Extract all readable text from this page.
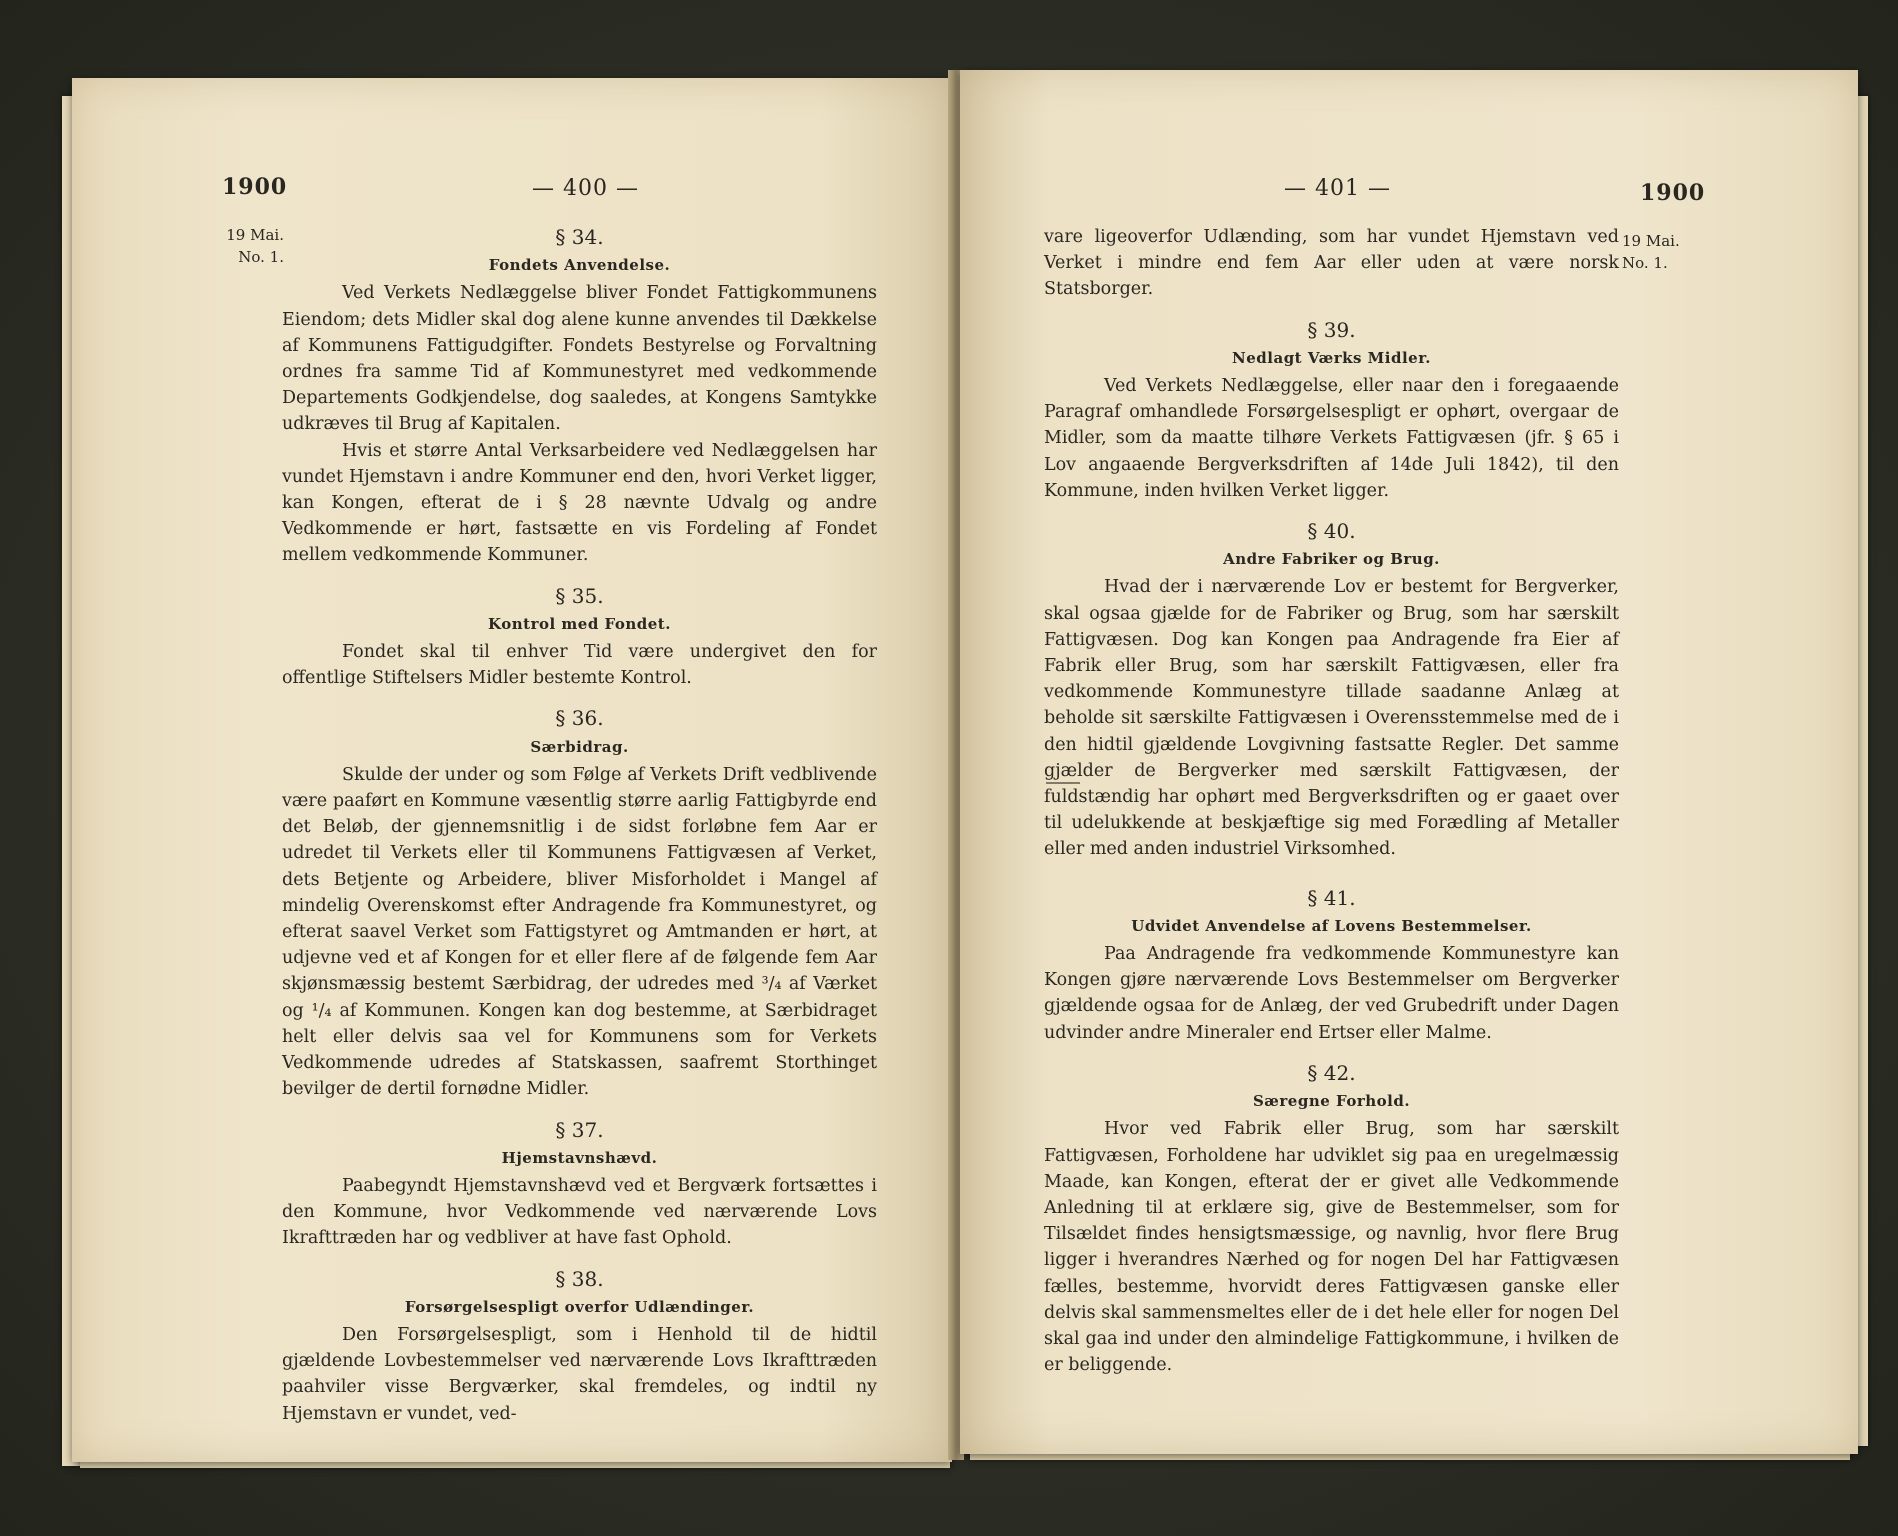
1900	— 400 —
19 Mai.
No. 1.
§ 34.
Fondets Anvendelse.

Ved Verkets Nedlæggelse bliver Fondet Fattigkommunens Eiendom; dets Midler skal dog alene kunne anvendes til Dækkelse af Kommunens Fattigudgifter. Fondets Bestyrelse og Forvaltning ordnes fra samme Tid af Kommunestyret med vedkommende Departements Godkjendelse, dog saaledes, at Kongens Samtykke udkræves til Brug af Kapitalen.

Hvis et større Antal Verksarbeidere ved Nedlæggelsen har vundet Hjemstavn i andre Kommuner end den, hvori Verket ligger, kan Kongen, efterat de i § 28 nævnte Udvalg og andre Vedkommende er hørt, fastsætte en vis Fordeling af Fondet mellem vedkommende Kommuner.

§ 35.
Kontrol med Fondet.

Fondet skal til enhver Tid være undergivet den for offentlige Stiftelsers Midler bestemte Kontrol.

§ 36.
Særbidrag.

Skulde der under og som Følge af Verkets Drift vedblivende være paaført en Kommune væsentlig større aarlig Fattigbyrde end det Beløb, der gjennemsnitlig i de sidst forløbne fem Aar er udredet til Verkets eller til Kommunens Fattigvæsen af Verket, dets Betjente og Arbeidere, bliver Misforholdet i Mangel af mindelig Overenskomst efter Andragende fra Kommunestyret, og efterat saavel Verket som Fattigstyret og Amtmanden er hørt, at udjevne ved et af Kongen for et eller flere af de følgende fem Aar skjønsmæssig bestemt Særbidrag, der udredes med ³/₄ af Værket og ¹/₄ af Kommunen. Kongen kan dog bestemme, at Særbidraget helt eller delvis saa vel for Kommunens som for Verkets Vedkommende udredes af Statskassen, saafremt Storthinget bevilger de dertil fornødne Midler.

§ 37.
Hjemstavnshævd.

Paabegyndt Hjemstavnshævd ved et Bergværk fortsættes i den Kommune, hvor Vedkommende ved nærværende Lovs Ikrafttræden har og vedbliver at have fast Ophold.

§ 38.
Forsørgelsespligt overfor Udlændinger.

Den Forsørgelsespligt, som i Henhold til de hidtil gjældende Lovbestemmelser ved nærværende Lovs Ikrafttræden paahviler visse Bergværker, skal fremdeles, og indtil ny Hjemstavn er vundet, ved-

— 401 —	1900
19 Mai.
No. 1.

vare ligeoverfor Udlænding, som har vundet Hjemstavn ved Verket i mindre end fem Aar eller uden at være norsk Statsborger.

§ 39.
Nedlagt Værks Midler.

Ved Verkets Nedlæggelse, eller naar den i foregaaende Paragraf omhandlede Forsørgelsespligt er ophørt, overgaar de Midler, som da maatte tilhøre Verkets Fattigvæsen (jfr. § 65 i Lov angaaende Bergverksdriften af 14de Juli 1842), til den Kommune, inden hvilken Verket ligger.

§ 40.
Andre Fabriker og Brug.

Hvad der i nærværende Lov er bestemt for Bergverker, skal ogsaa gjælde for de Fabriker og Brug, som har særskilt Fattigvæsen. Dog kan Kongen paa Andragende fra Eier af Fabrik eller Brug, som har særskilt Fattigvæsen, eller fra vedkommende Kommunestyre tillade saadanne Anlæg at beholde sit særskilte Fattigvæsen i Overensstemmelse med de i den hidtil gjældende Lovgivning fastsatte Regler. Det samme gjælder de Bergverker med særskilt Fattigvæsen, der fuldstændig har ophørt med Bergverksdriften og er gaaet over til udelukkende at beskjæftige sig med Forædling af Metaller eller med anden industriel Virksomhed.

§ 41.
Udvidet Anvendelse af Lovens Bestemmelser.

Paa Andragende fra vedkommende Kommunestyre kan Kongen gjøre nærværende Lovs Bestemmelser om Bergverker gjældende ogsaa for de Anlæg, der ved Grubedrift under Dagen udvinder andre Mineraler end Ertser eller Malme.

§ 42.
Særegne Forhold.

Hvor ved Fabrik eller Brug, som har særskilt Fattigvæsen, Forholdene har udviklet sig paa en uregelmæssig Maade, kan Kongen, efterat der er givet alle Vedkommende Anledning til at erklære sig, give de Bestemmelser, som for Tilsældet findes hensigtsmæssige, og navnlig, hvor flere Brug ligger i hverandres Nærhed og for nogen Del har Fattigvæsen fælles, bestemme, hvorvidt deres Fattigvæsen ganske eller delvis skal sammensmeltes eller de i det hele eller for nogen Del skal gaa ind under den almindelige Fattigkommune, i hvilken de er beliggende.
